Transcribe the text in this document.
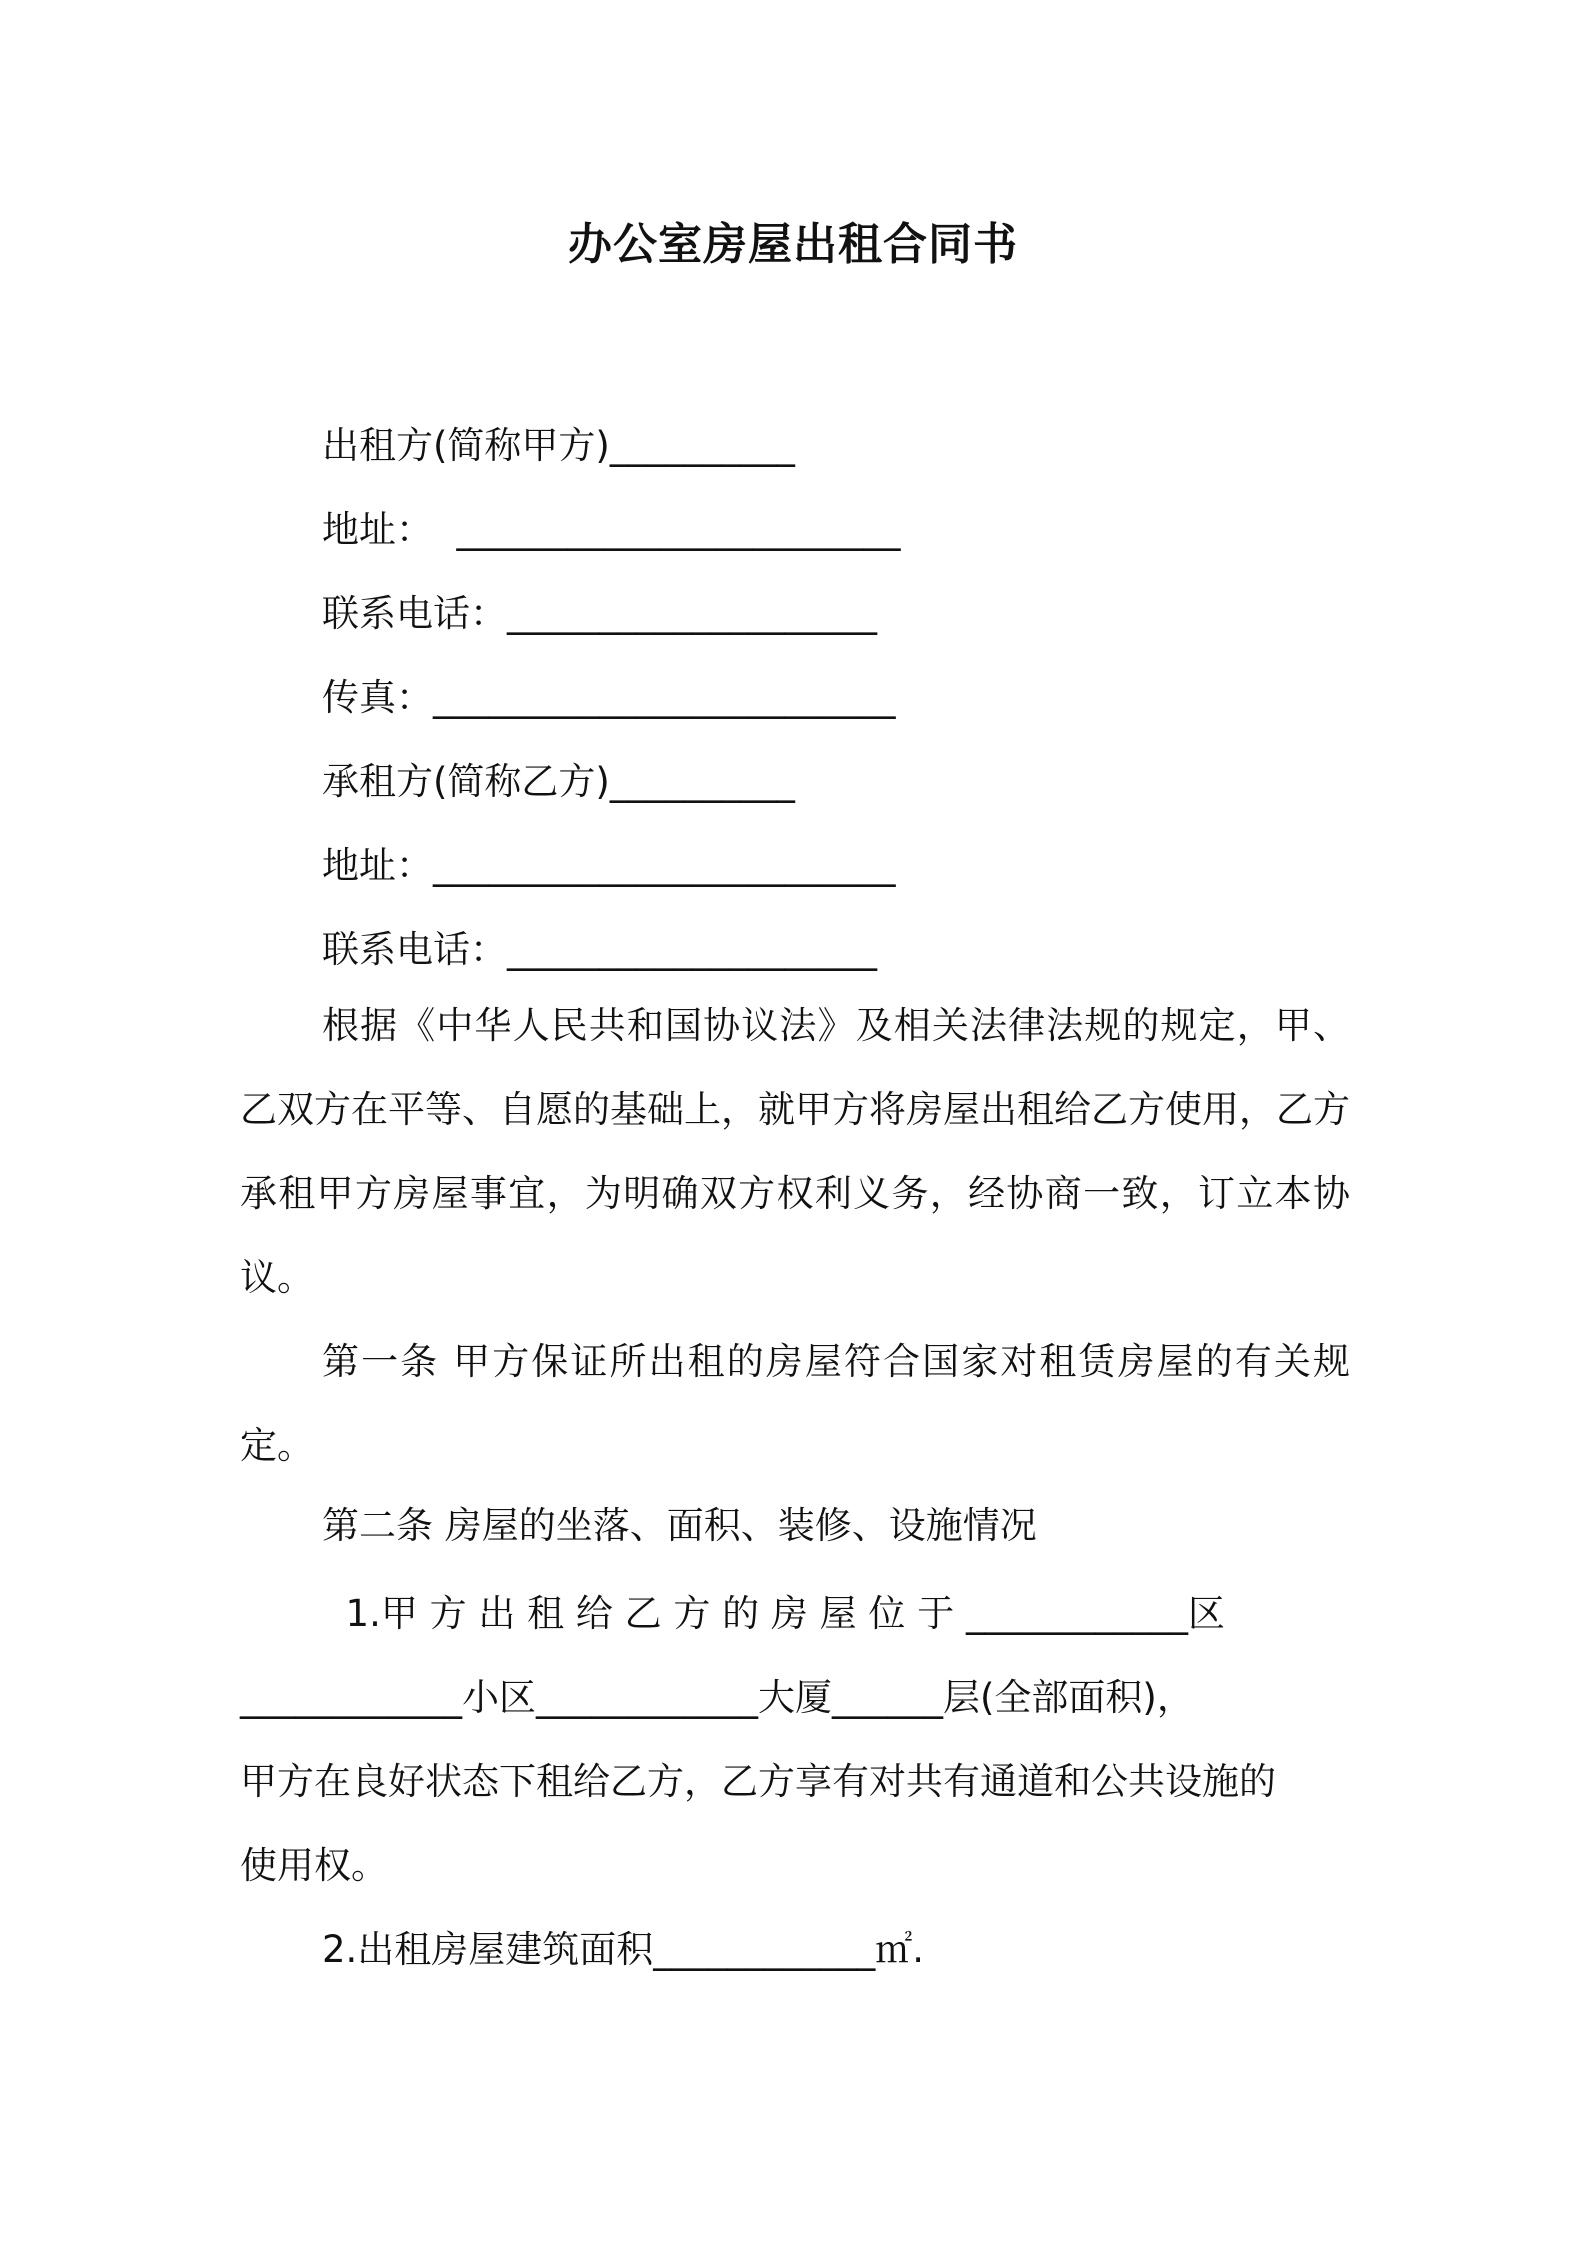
办公室房屋出租合同书
出租方(简称甲方)__________
地址：  ________________________
联系电话：____________________
传真：_________________________
承租方(简称乙方)__________
地址：_________________________
联系电话：____________________
根据《中华人民共和国协议法》及相关法律法规的规定，甲、乙双方在平等、自愿的基础上，就甲方将房屋出租给乙方使用，乙方承租甲方房屋事宜，为明确双方权利义务，经协商一致，订立本协议。
第一条 甲方保证所出租的房屋符合国家对租赁房屋的有关规定。
第二条 房屋的坐落、面积、装修、设施情况
1.甲 方 出 租 给 乙 方 的 房 屋 位 于 ____________区
____________小区____________大厦______层(全部面积)，
甲方在良好状态下租给乙方，乙方享有对共有通道和公共设施的
使用权。
2.出租房屋建筑面积____________㎡.
